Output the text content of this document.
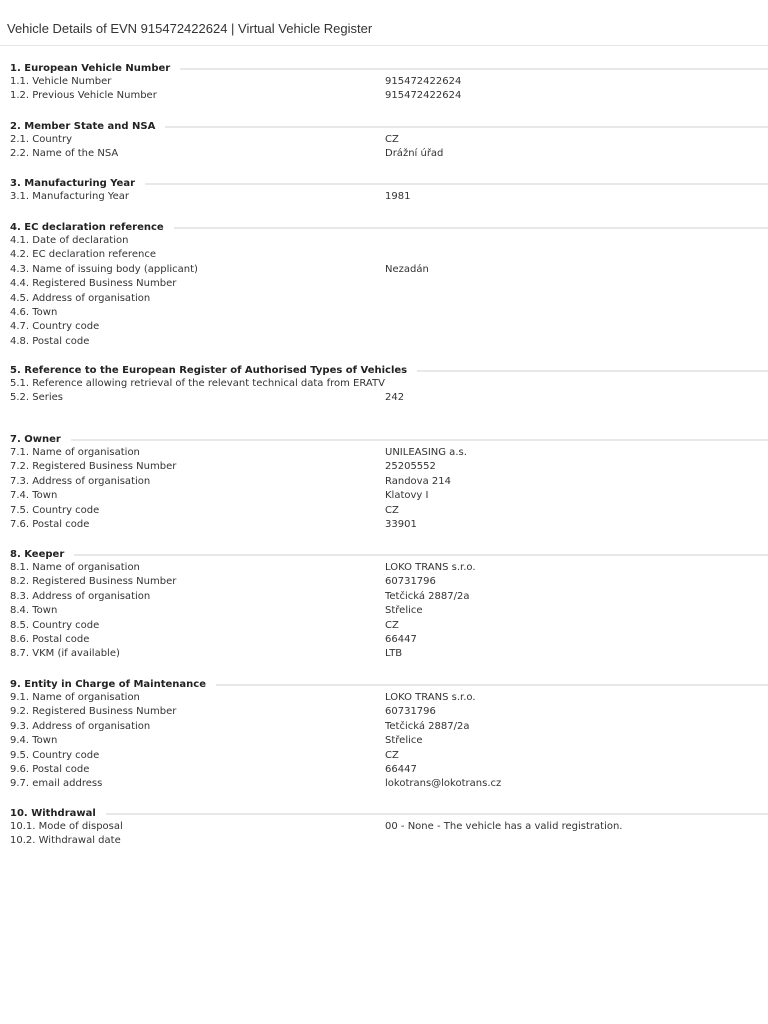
Vehicle Details of EVN 915472422624 | Virtual Vehicle Register
1. European Vehicle Number
1.1. Vehicle Number	915472422624
1.2. Previous Vehicle Number	915472422624
2. Member State and NSA
2.1. Country	CZ
2.2. Name of the NSA	Drážní úřad
3. Manufacturing Year
3.1. Manufacturing Year	1981
4. EC declaration reference
4.1. Date of declaration
4.2. EC declaration reference
4.3. Name of issuing body (applicant)	Nezadán
4.4. Registered Business Number
4.5. Address of organisation
4.6. Town
4.7. Country code
4.8. Postal code
5. Reference to the European Register of Authorised Types of Vehicles
5.1. Reference allowing retrieval of the relevant technical data from ERATV
5.2. Series	242
7. Owner
7.1. Name of organisation	UNILEASING a.s.
7.2. Registered Business Number	25205552
7.3. Address of organisation	Randova 214
7.4. Town	Klatovy I
7.5. Country code	CZ
7.6. Postal code	33901
8. Keeper
8.1. Name of organisation	LOKO TRANS s.r.o.
8.2. Registered Business Number	60731796
8.3. Address of organisation	Tetčická 2887/2a
8.4. Town	Střelice
8.5. Country code	CZ
8.6. Postal code	66447
8.7. VKM (if available)	LTB
9. Entity in Charge of Maintenance
9.1. Name of organisation	LOKO TRANS s.r.o.
9.2. Registered Business Number	60731796
9.3. Address of organisation	Tetčická 2887/2a
9.4. Town	Střelice
9.5. Country code	CZ
9.6. Postal code	66447
9.7. email address	lokotrans@lokotrans.cz
10. Withdrawal
10.1. Mode of disposal	00 - None - The vehicle has a valid registration.
10.2. Withdrawal date
